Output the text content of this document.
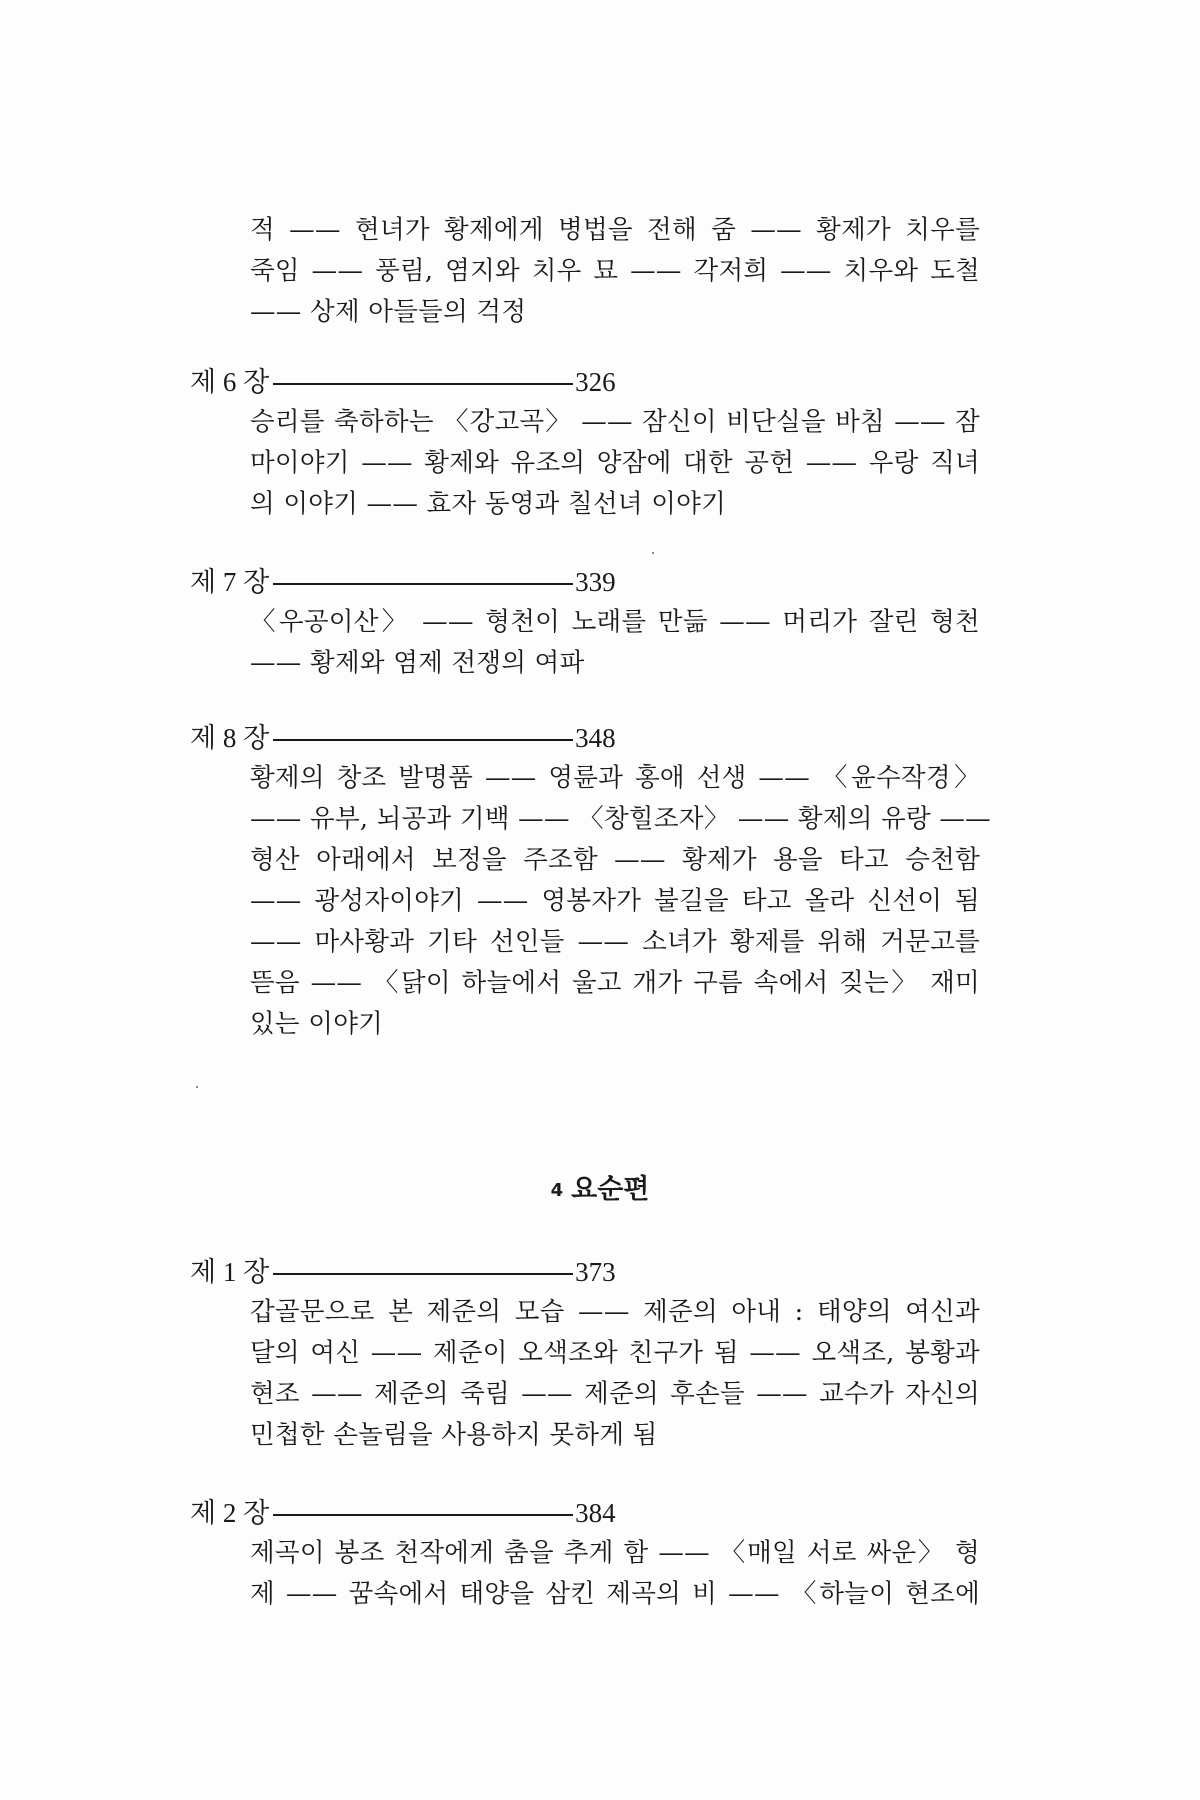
적 —— 현녀가 황제에게 병법을 전해 줌 —— 황제가 치우를
죽임 —— 풍림, 염지와 치우 묘 —— 각저희 —— 치우와 도철
—— 상제 아들들의 걱정
제 6 장	326
승리를 축하하는 〈강고곡〉 —— 잠신이 비단실을 바침 —— 잠
마이야기 —— 황제와 유조의 양잠에 대한 공헌 —— 우랑 직녀
의 이야기 —— 효자 동영과 칠선녀 이야기
제 7 장	339
〈우공이산〉 —— 형천이 노래를 만듦 —— 머리가 잘린 형천
—— 황제와 염제 전쟁의 여파
제 8 장	348
황제의 창조 발명품 —— 영륜과 홍애 선생 —— 〈윤수작경〉
—— 유부, 뇌공과 기백 —— 〈창힐조자〉 —— 황제의 유랑 ——
형산 아래에서 보정을 주조함 —— 황제가 용을 타고 승천함
—— 광성자이야기 —— 영봉자가 불길을 타고 올라 신선이 됨
—— 마사황과 기타 선인들 —— 소녀가 황제를 위해 거문고를
뜯음 —— 〈닭이 하늘에서 울고 개가 구름 속에서 짖는〉 재미
있는 이야기
4 요순편
제 1 장	373
갑골문으로 본 제준의 모습 —— 제준의 아내 : 태양의 여신과
달의 여신 —— 제준이 오색조와 친구가 됨 —— 오색조, 봉황과
현조 —— 제준의 죽림 —— 제준의 후손들 —— 교수가 자신의
민첩한 손놀림을 사용하지 못하게 됨
제 2 장	384
제곡이 봉조 천작에게 춤을 추게 함 —— 〈매일 서로 싸운〉 형
제 —— 꿈속에서 태양을 삼킨 제곡의 비 —— 〈하늘이 현조에
